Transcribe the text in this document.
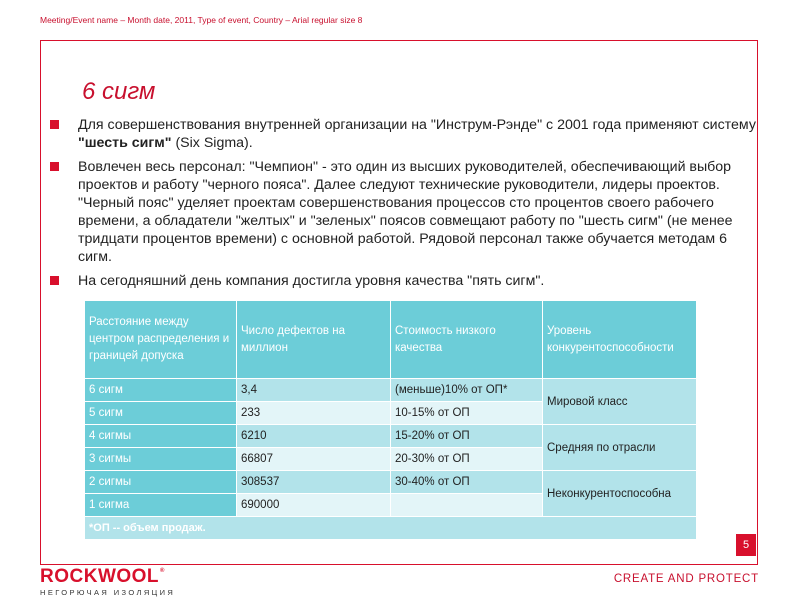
Meeting/Event name – Month date, 2011, Type of event, Country – Arial regular size 8
6 сигм
Для совершенствования внутренней организации на "Инструм-Рэнде" с 2001 года применяют систему "шесть сигм" (Six Sigma).
Вовлечен весь персонал: "Чемпион" - это один из высших руководителей, обеспечивающий выбор проектов и работу "черного пояса". Далее следуют технические руководители, лидеры проектов. "Черный пояс" уделяет проектам совершенствования процессов сто процентов своего рабочего времени, а обладатели "желтых" и "зеленых" поясов совмещают работу по "шесть сигм" (не менее тридцати процентов времени) с основной работой. Рядовой персонал также обучается методам 6 сигм.
На сегодняшний день компания достигла уровня качества "пять сигм".
Расстояние между центром распределения и границей допуска	Число дефектов на миллион	Стоимость низкого качества	Уровень конкурентоспособности
6 сигм	3,4	(меньше)10% от ОП*	Мировой класс
5 сигм	233	10-15% от ОП	
4 сигмы	6210	15-20% от ОП	Средняя по отрасли
3 сигмы	66807	20-30% от ОП	
2 сигмы	308537	30-40% от ОП	Неконкурентоспособна
1 сигма	690000		
*ОП -- объем продаж.			
5
ROCKWOOL ®
НЕГОРЮЧАЯ ИЗОЛЯЦИЯ
CREATE AND PROTECT
